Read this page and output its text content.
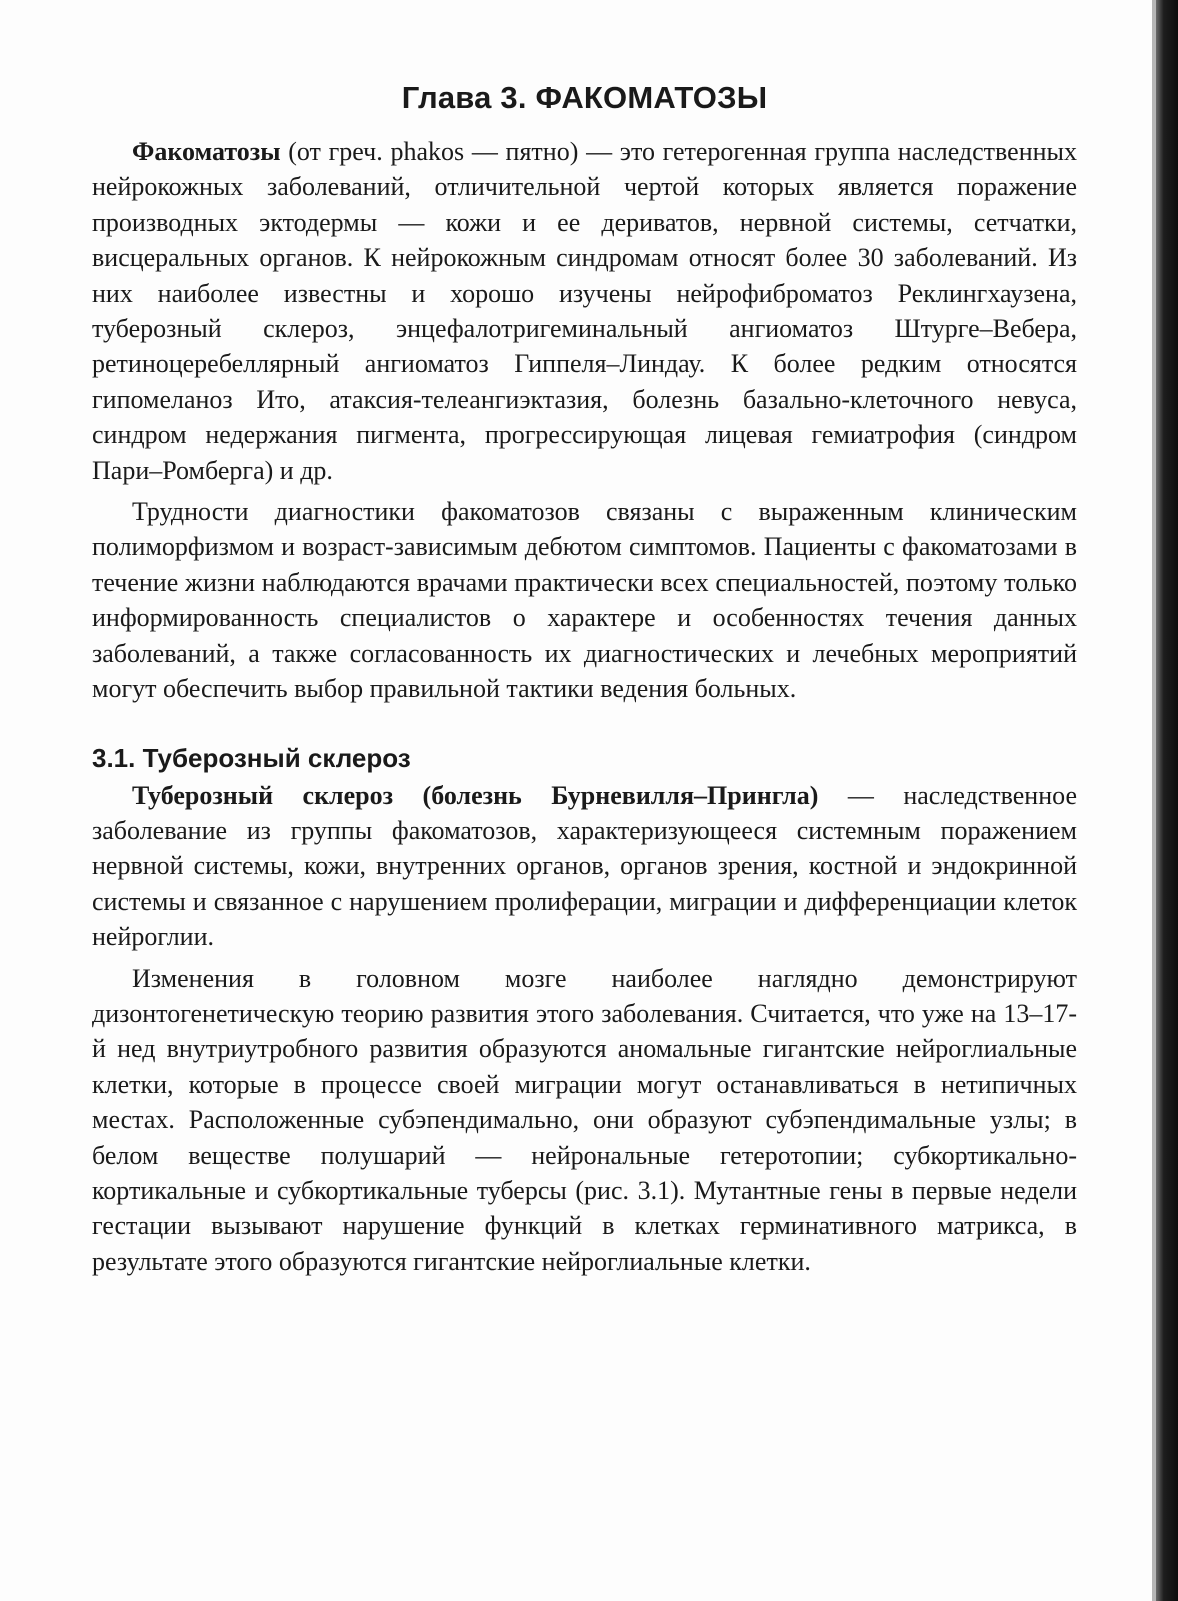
Глава 3. ФАКОМАТОЗЫ

Факоматозы (от греч. phakos — пятно) — это гетерогенная группа наследственных нейрокожных заболеваний, отличительной чертой которых является поражение производных эктодермы — кожи и ее дериватов, нервной системы, сетчатки, висцеральных органов. К нейрокожным синдромам относят более 30 заболеваний. Из них наиболее известны и хорошо изучены нейрофиброматоз Реклингхаузена, туберозный склероз, энцефалотригеминальный ангиоматоз Штурге–Вебера, ретиноцеребеллярный ангиоматоз Гиппеля–Линдау. К более редким относятся гипомеланоз Ито, атаксия-телеангиэктазия, болезнь базально-клеточного невуса, синдром недержания пигмента, прогрессирующая лицевая гемиатрофия (синдром Пари–Ромберга) и др.

Трудности диагностики факоматозов связаны с выраженным клиническим полиморфизмом и возраст-зависимым дебютом симптомов. Пациенты с факоматозами в течение жизни наблюдаются врачами практически всех специальностей, поэтому только информированность специалистов о характере и особенностях течения данных заболеваний, а также согласованность их диагностических и лечебных мероприятий могут обеспечить выбор правильной тактики ведения больных.

3.1. Туберозный склероз

Туберозный склероз (болезнь Бурневилля–Прингла) — наследственное заболевание из группы факоматозов, характеризующееся системным поражением нервной системы, кожи, внутренних органов, органов зрения, костной и эндокринной системы и связанное с нарушением пролиферации, миграции и дифференциации клеток нейроглии.

Изменения в головном мозге наиболее наглядно демонстрируют дизонтогенетическую теорию развития этого заболевания. Считается, что уже на 13–17-й нед внутриутробного развития образуются аномальные гигантские нейроглиальные клетки, которые в процессе своей миграции могут останавливаться в нетипичных местах. Расположенные субэпендимально, они образуют субэпендимальные узлы; в белом веществе полушарий — нейрональные гетеротопии; субкортикально-кортикальные и субкортикальные туберсы (рис. 3.1). Мутантные гены в первые недели гестации вызывают нарушение функций в клетках герминативного матрикса, в результате этого образуются гигантские нейроглиальные клетки.
